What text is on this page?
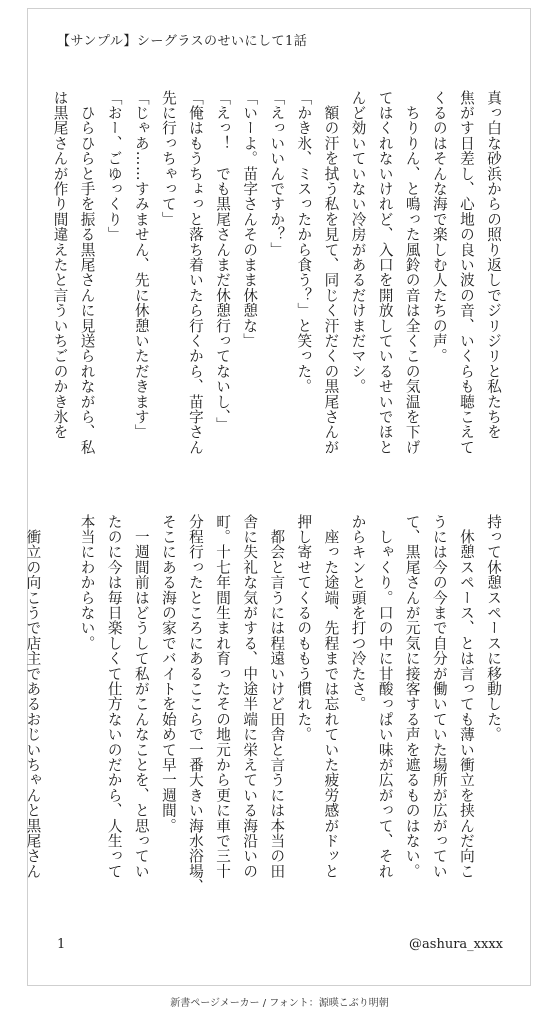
【サンプル】シーグラスのせいにして1話
真っ白な砂浜からの照り返しでジリジリと私たちを
焦がす日差し、心地の良い波の音、いくらも聴こえて
くるのはそんな海で楽しむ人たちの声。
　ちりりん、と鳴った風鈴の音は全くこの気温を下げ
てはくれないけれど、入口を開放しているせいでほと
んど効いていない冷房があるだけまだマシ。
　額の汗を拭う私を見て、同じく汗だくの黒尾さんが
「かき氷、ミスったから食う？」と笑った。
「えっいいんですか？」
「いーよ。苗字さんそのまま休憩な」
「えっ！　でも黒尾さんまだ休憩行ってないし、」
「俺はもうちょっと落ち着いたら行くから、苗字さん
先に行っちゃって」
「じゃあ……すみません、先に休憩いただきます」
「おー、ごゆっくり」
　ひらひらと手を振る黒尾さんに見送られながら、私
は黒尾さんが作り間違えたと言ういちごのかき氷を
持って休憩スペースに移動した。
　休憩スペース、とは言っても薄い衝立を挟んだ向こ
うには今の今まで自分が働いていた場所が広がってい
て、黒尾さんが元気に接客する声を遮るものはない。
　しゃくり。口の中に甘酸っぱい味が広がって、それ
からキンと頭を打つ冷たさ。
　座った途端、先程までは忘れていた疲労感がドッと
押し寄せてくるのももう慣れた。
　都会と言うには程遠いけど田舎と言うには本当の田
舎に失礼な気がする、中途半端に栄えている海沿いの
町。十七年間生まれ育ったその地元から更に車で三十
分程行ったところにあるここらで一番大きい海水浴場、
そこにある海の家でバイトを始めて早一週間。
　一週間前はどうして私がこんなことを、と思ってい
たのに今は毎日楽しくて仕方ないのだから、人生って
本当にわからない。

　衝立の向こうで店主であるおじいちゃんと黒尾さん
1	@ashura_xxxx
新書ページメーカー / フォント：源暎こぶり明朝
